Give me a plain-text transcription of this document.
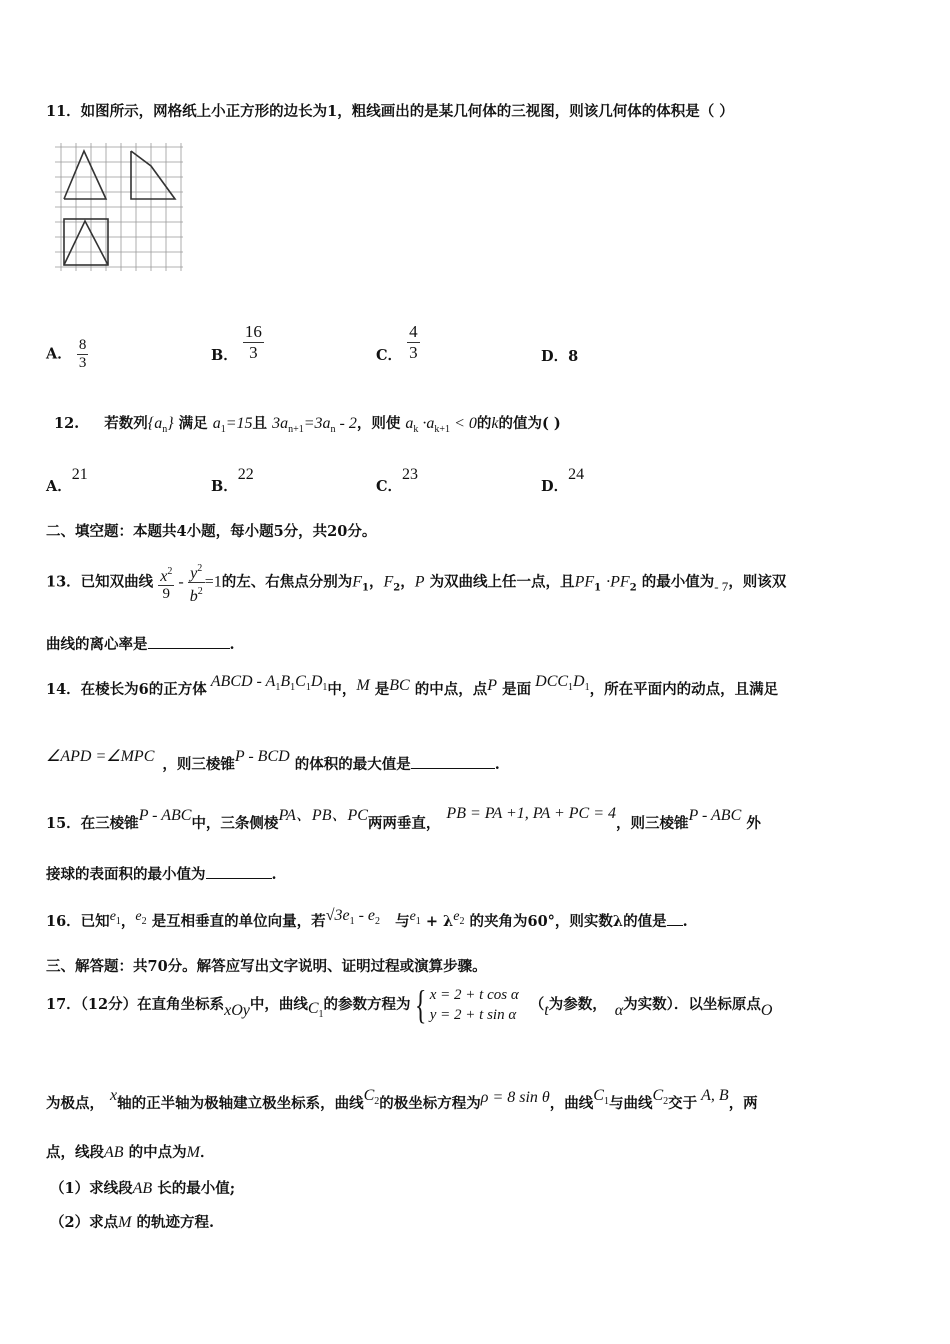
11．如图所示，网格纸上小正方形的边长为1，粗线画出的是某几何体的三视图，则该几何体的体积是（ ）
A． $\frac{8}{3}$	B． $\frac{16}{3}$	C． $\frac{4}{3}$	D．8
12. 若数列$\{a_n\}$ 满足 $a_1=15$且 $3a_{n+1}=3a_n - 2$，则使 $a_k \cdot a_{k+1} < 0$的k的值为( )
A．21
B．22
C．23
D．24
二、填空题：本题共4小题，每小题5分，共20分。
13．已知双曲线 $\frac{x^2}{9} - \frac{y^2}{b^2} =1$的左、右焦点分别为$F_1$，$F_2$，P 为双曲线上任一点，且$PF_1 \cdot PF_2$ 的最小值为- 7，则该双
曲线的离心率是	.
14．在棱长为6的正方体 ABCD - $A_1B_1C_1D_1$中，M 是BC 的中点，点P 是面 $DCC_1D_1$，所在平面内的动点，且满足
∠APD =∠MPC ，则三棱锥P - BCD 的体积的最大值是	.
15．在三棱锥P - ABC中，三条侧棱PA、PB、PC两两垂直，PB = PA +1, PA + PC = 4，则三棱锥P - ABC 外
接球的表面积的最小值为	.
16．已知$e_1$，$e_2$ 是互相垂直的单位向量，若$√3e_1 - e_2$ 与$e_1 + \lambda e_2$ 的夹角为60°，则实数λ的值是 .
三、解答题：共70分。解答应写出文字说明、证明过程或演算步骤。
17．（12分）在直角坐标系xOy中，曲线$C_1$的参数方程为{ x = 2 + t cos α
y = 2 + t sin α
（t为参数， α为实数）．以坐标原点O
为极点， x轴的正半轴为极轴建立极坐标系，曲线$C_2$的极坐标方程为ρ = 8 sin θ，曲线$C_1$与曲线$C_2$交于 A, B，两
点，线段AB 的中点为M．
（1）求线段AB 长的最小值;
（2）求点M 的轨迹方程.
